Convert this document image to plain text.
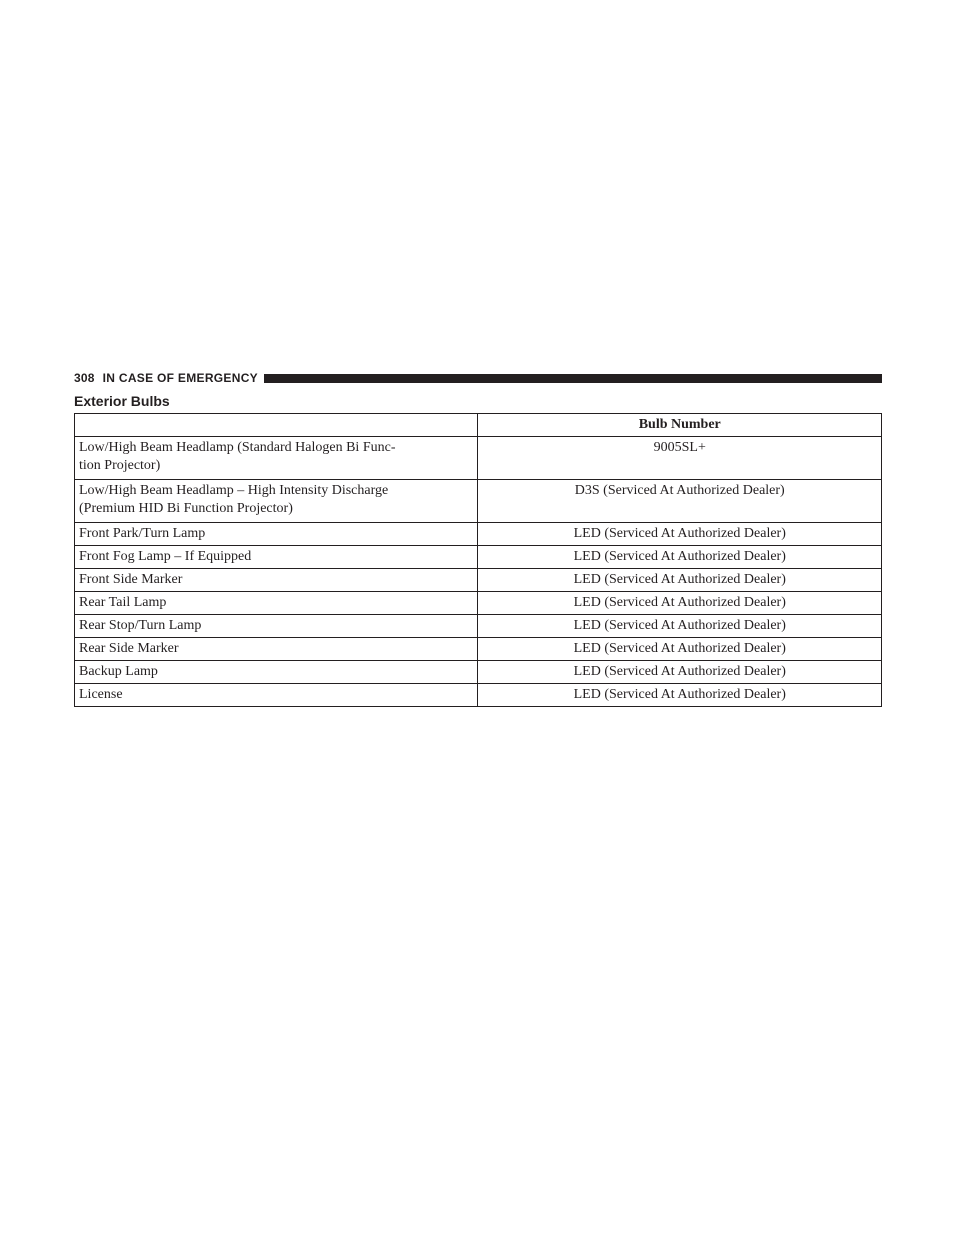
308 IN CASE OF EMERGENCY
Exterior Bulbs
	Bulb Number
Low/High Beam Headlamp (Standard Halogen Bi Func-
tion Projector)	9005SL+
Low/High Beam Headlamp – High Intensity Discharge
(Premium HID Bi Function Projector)	D3S (Serviced At Authorized Dealer)
Front Park/Turn Lamp	LED (Serviced At Authorized Dealer)
Front Fog Lamp – If Equipped	LED (Serviced At Authorized Dealer)
Front Side Marker	LED (Serviced At Authorized Dealer)
Rear Tail Lamp	LED (Serviced At Authorized Dealer)
Rear Stop/Turn Lamp	LED (Serviced At Authorized Dealer)
Rear Side Marker	LED (Serviced At Authorized Dealer)
Backup Lamp	LED (Serviced At Authorized Dealer)
License	LED (Serviced At Authorized Dealer)
